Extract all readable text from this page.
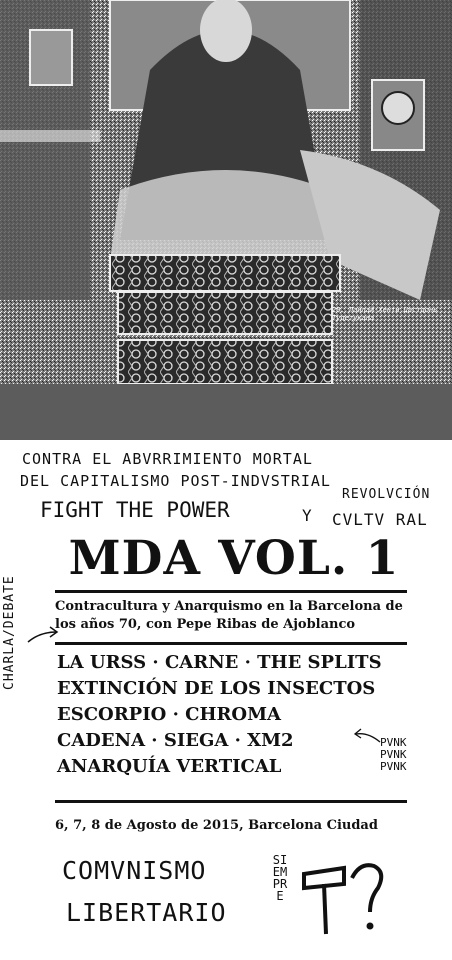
20. Лайлай-Хенти Цастдонь Тудетукана
CONTRA EL ABVRRIMIENTO MORTAL
DEL CAPITALISMO POST-INDVSTRIAL
FIGHT THE POWER	Y
REVOLVCIÓN
CVLTV RAL
MDA VOL. 1
Contracultura y Anarquismo en la Barcelona de los años 70, con Pepe Ribas de Ajoblanco
CHARLA/DEBATE LA URSS · CARNE · THE SPLITS
EXTINCIÓN DE LOS INSECTOS
ESCORPIO · CHROMA
CADENA · SIEGA · XM2
ANARQUÍA VERTICAL
PVNK
PVNK
PVNK
6, 7, 8 de Agosto de 2015, Barcelona Ciudad
COMVNISMO
LIBERTARIO
SIEMPRE
